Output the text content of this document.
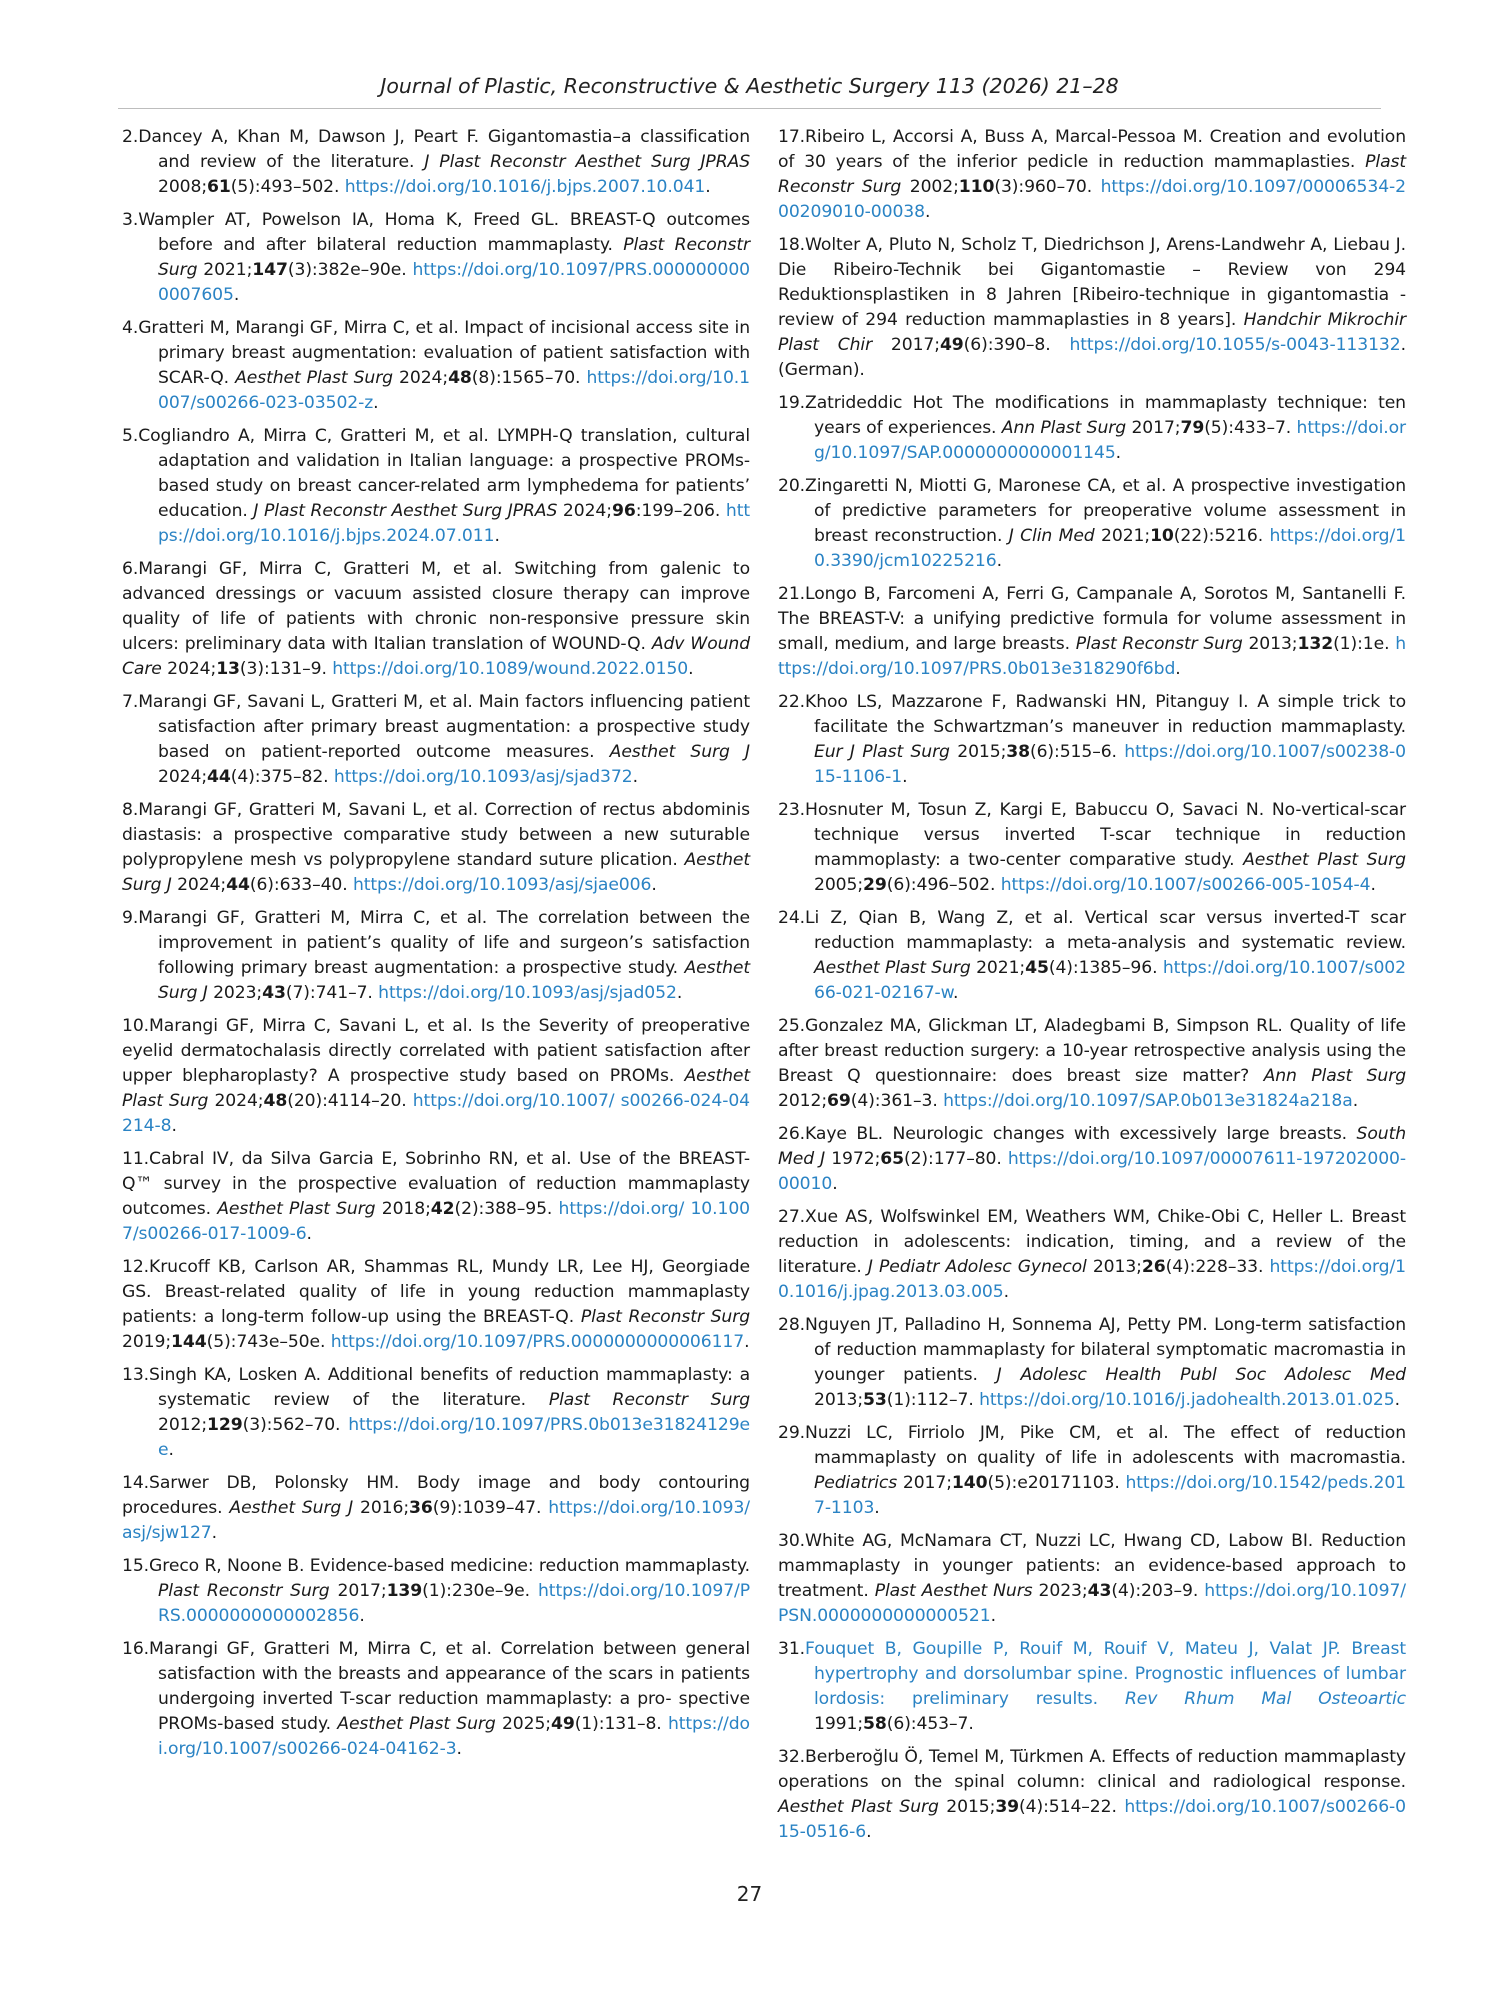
Journal of Plastic, Reconstructive & Aesthetic Surgery 113 (2026) 21–28

2.Dancey A, Khan M, Dawson J, Peart F. Gigantomastia–a classification and review of the literature. J Plast Reconstr Aesthet Surg JPRAS 2008;61(5):493–502. https://doi.org/10.1016/j.bjps.2007.10.041.

3.Wampler AT, Powelson IA, Homa K, Freed GL. BREAST-Q outcomes before and after bilateral reduction mammaplasty. Plast Reconstr Surg 2021;147(3):382e–90e. https://doi.org/10.1097/PRS.0000000000007605.

4.Gratteri M, Marangi GF, Mirra C, et al. Impact of incisional access site in primary breast augmentation: evaluation of patient satisfaction with SCAR-Q. Aesthet Plast Surg 2024;48(8):1565–70. https://doi.org/10.1007/s00266-023-03502-z.

5.Cogliandro A, Mirra C, Gratteri M, et al. LYMPH-Q translation, cultural adaptation and validation in Italian language: a prospective PROMs-based study on breast cancer-related arm lymphedema for patients’ education. J Plast Reconstr Aesthet Surg JPRAS 2024;96:199–206. https://doi.org/10.1016/j.bjps.2024.07.011.

6.Marangi GF, Mirra C, Gratteri M, et al. Switching from galenic to advanced dressings or vacuum assisted closure therapy can improve quality of life of patients with chronic non-responsive pressure skin ulcers: preliminary data with Italian translation of WOUND-Q. Adv Wound Care 2024;13(3):131–9. https://doi.org/10.1089/wound.2022.0150.

7.Marangi GF, Savani L, Gratteri M, et al. Main factors influencing patient satisfaction after primary breast augmentation: a prospective study based on patient-reported outcome measures. Aesthet Surg J 2024;44(4):375–82. https://doi.org/10.1093/asj/sjad372.

8.Marangi GF, Gratteri M, Savani L, et al. Correction of rectus abdominis diastasis: a prospective comparative study between a new suturable polypropylene mesh vs polypropylene standard suture plication. Aesthet Surg J 2024;44(6):633–40. https://doi.org/10.1093/asj/sjae006.

9.Marangi GF, Gratteri M, Mirra C, et al. The correlation between the improvement in patient’s quality of life and surgeon’s satisfaction following primary breast augmentation: a prospective study. Aesthet Surg J 2023;43(7):741–7. https://doi.org/10.1093/asj/sjad052.

10.Marangi GF, Mirra C, Savani L, et al. Is the Severity of preoperative eyelid dermatochalasis directly correlated with patient satisfaction after upper blepharoplasty? A prospective study based on PROMs. Aesthet Plast Surg 2024;48(20):4114–20. https://doi.org/10.1007/ s00266-024-04214-8.

11.Cabral IV, da Silva Garcia E, Sobrinho RN, et al. Use of the BREAST- Q™ survey in the prospective evaluation of reduction mammaplasty outcomes. Aesthet Plast Surg 2018;42(2):388–95. https://doi.org/ 10.1007/s00266-017-1009-6.

12.Krucoff KB, Carlson AR, Shammas RL, Mundy LR, Lee HJ, Georgiade GS. Breast-related quality of life in young reduction mammaplasty patients: a long-term follow-up using the BREAST-Q. Plast Reconstr Surg 2019;144(5):743e–50e. https://doi.org/10.1097/PRS.0000000000006117.

13.Singh KA, Losken A. Additional benefits of reduction mammaplasty: a systematic review of the literature. Plast Reconstr Surg 2012;129(3):562–70. https://doi.org/10.1097/PRS.0b013e31824129ee.

14.Sarwer DB, Polonsky HM. Body image and body contouring procedures. Aesthet Surg J 2016;36(9):1039–47. https://doi.org/10.1093/asj/sjw127.

15.Greco R, Noone B. Evidence-based medicine: reduction mammaplasty. Plast Reconstr Surg 2017;139(1):230e–9e. https://doi.org/10.1097/PRS.0000000000002856.

16.Marangi GF, Gratteri M, Mirra C, et al. Correlation between general satisfaction with the breasts and appearance of the scars in patients undergoing inverted T-scar reduction mammaplasty: a pro- spective PROMs-based study. Aesthet Plast Surg 2025;49(1):131–8. https://doi.org/10.1007/s00266-024-04162-3.

17.Ribeiro L, Accorsi A, Buss A, Marcal-Pessoa M. Creation and evolution of 30 years of the inferior pedicle in reduction mammaplasties. Plast Reconstr Surg 2002;110(3):960–70. https://doi.org/10.1097/00006534-200209010-00038.

18.Wolter A, Pluto N, Scholz T, Diedrichson J, Arens-Landwehr A, Liebau J. Die Ribeiro-Technik bei Gigantomastie – Review von 294 Reduktionsplastiken in 8 Jahren [Ribeiro-technique in gigantomastia - review of 294 reduction mammaplasties in 8 years]. Handchir Mikrochir Plast Chir 2017;49(6):390–8. https://doi.org/10.1055/s-0043-113132. (German).

19.Zatrideddic Hot The modifications in mammaplasty technique: ten years of experiences. Ann Plast Surg 2017;79(5):433–7. https://doi.org/10.1097/SAP.0000000000001145.

20.Zingaretti N, Miotti G, Maronese CA, et al. A prospective investigation of predictive parameters for preoperative volume assessment in breast reconstruction. J Clin Med 2021;10(22):5216. https://doi.org/10.3390/jcm10225216.

21.Longo B, Farcomeni A, Ferri G, Campanale A, Sorotos M, Santanelli F. The BREAST-V: a unifying predictive formula for volume assessment in small, medium, and large breasts. Plast Reconstr Surg 2013;132(1):1e. https://doi.org/10.1097/PRS.0b013e318290f6bd.

22.Khoo LS, Mazzarone F, Radwanski HN, Pitanguy I. A simple trick to facilitate the Schwartzman’s maneuver in reduction mammaplasty. Eur J Plast Surg 2015;38(6):515–6. https://doi.org/10.1007/s00238-015-1106-1.

23.Hosnuter M, Tosun Z, Kargi E, Babuccu O, Savaci N. No-vertical-scar technique versus inverted T-scar technique in reduction mammoplasty: a two-center comparative study. Aesthet Plast Surg 2005;29(6):496–502. https://doi.org/10.1007/s00266-005-1054-4.

24.Li Z, Qian B, Wang Z, et al. Vertical scar versus inverted-T scar reduction mammaplasty: a meta-analysis and systematic review. Aesthet Plast Surg 2021;45(4):1385–96. https://doi.org/10.1007/s00266-021-02167-w.

25.Gonzalez MA, Glickman LT, Aladegbami B, Simpson RL. Quality of life after breast reduction surgery: a 10-year retrospective analysis using the Breast Q questionnaire: does breast size matter? Ann Plast Surg 2012;69(4):361–3. https://doi.org/10.1097/SAP.0b013e31824a218a.

26.Kaye BL. Neurologic changes with excessively large breasts. South Med J 1972;65(2):177–80. https://doi.org/10.1097/00007611-197202000-00010.

27.Xue AS, Wolfswinkel EM, Weathers WM, Chike-Obi C, Heller L. Breast reduction in adolescents: indication, timing, and a review of the literature. J Pediatr Adolesc Gynecol 2013;26(4):228–33. https://doi.org/10.1016/j.jpag.2013.03.005.

28.Nguyen JT, Palladino H, Sonnema AJ, Petty PM. Long-term satisfaction of reduction mammaplasty for bilateral symptomatic macromastia in younger patients. J Adolesc Health Publ Soc Adolesc Med 2013;53(1):112–7. https://doi.org/10.1016/j.jadohealth.2013.01.025.

29.Nuzzi LC, Firriolo JM, Pike CM, et al. The effect of reduction mammaplasty on quality of life in adolescents with macromastia. Pediatrics 2017;140(5):e20171103. https://doi.org/10.1542/peds.2017-1103.

30.White AG, McNamara CT, Nuzzi LC, Hwang CD, Labow BI. Reduction mammaplasty in younger patients: an evidence-based approach to treatment. Plast Aesthet Nurs 2023;43(4):203–9. https://doi.org/10.1097/PSN.0000000000000521.

31.Fouquet B, Goupille P, Rouif M, Rouif V, Mateu J, Valat JP. Breast hypertrophy and dorsolumbar spine. Prognostic influences of lumbar lordosis: preliminary results. Rev Rhum Mal Osteoartic 1991;58(6):453–7.

32.Berberoğlu Ö, Temel M, Türkmen A. Effects of reduction mammaplasty operations on the spinal column: clinical and radiological response. Aesthet Plast Surg 2015;39(4):514–22. https://doi.org/10.1007/s00266-015-0516-6.

27
